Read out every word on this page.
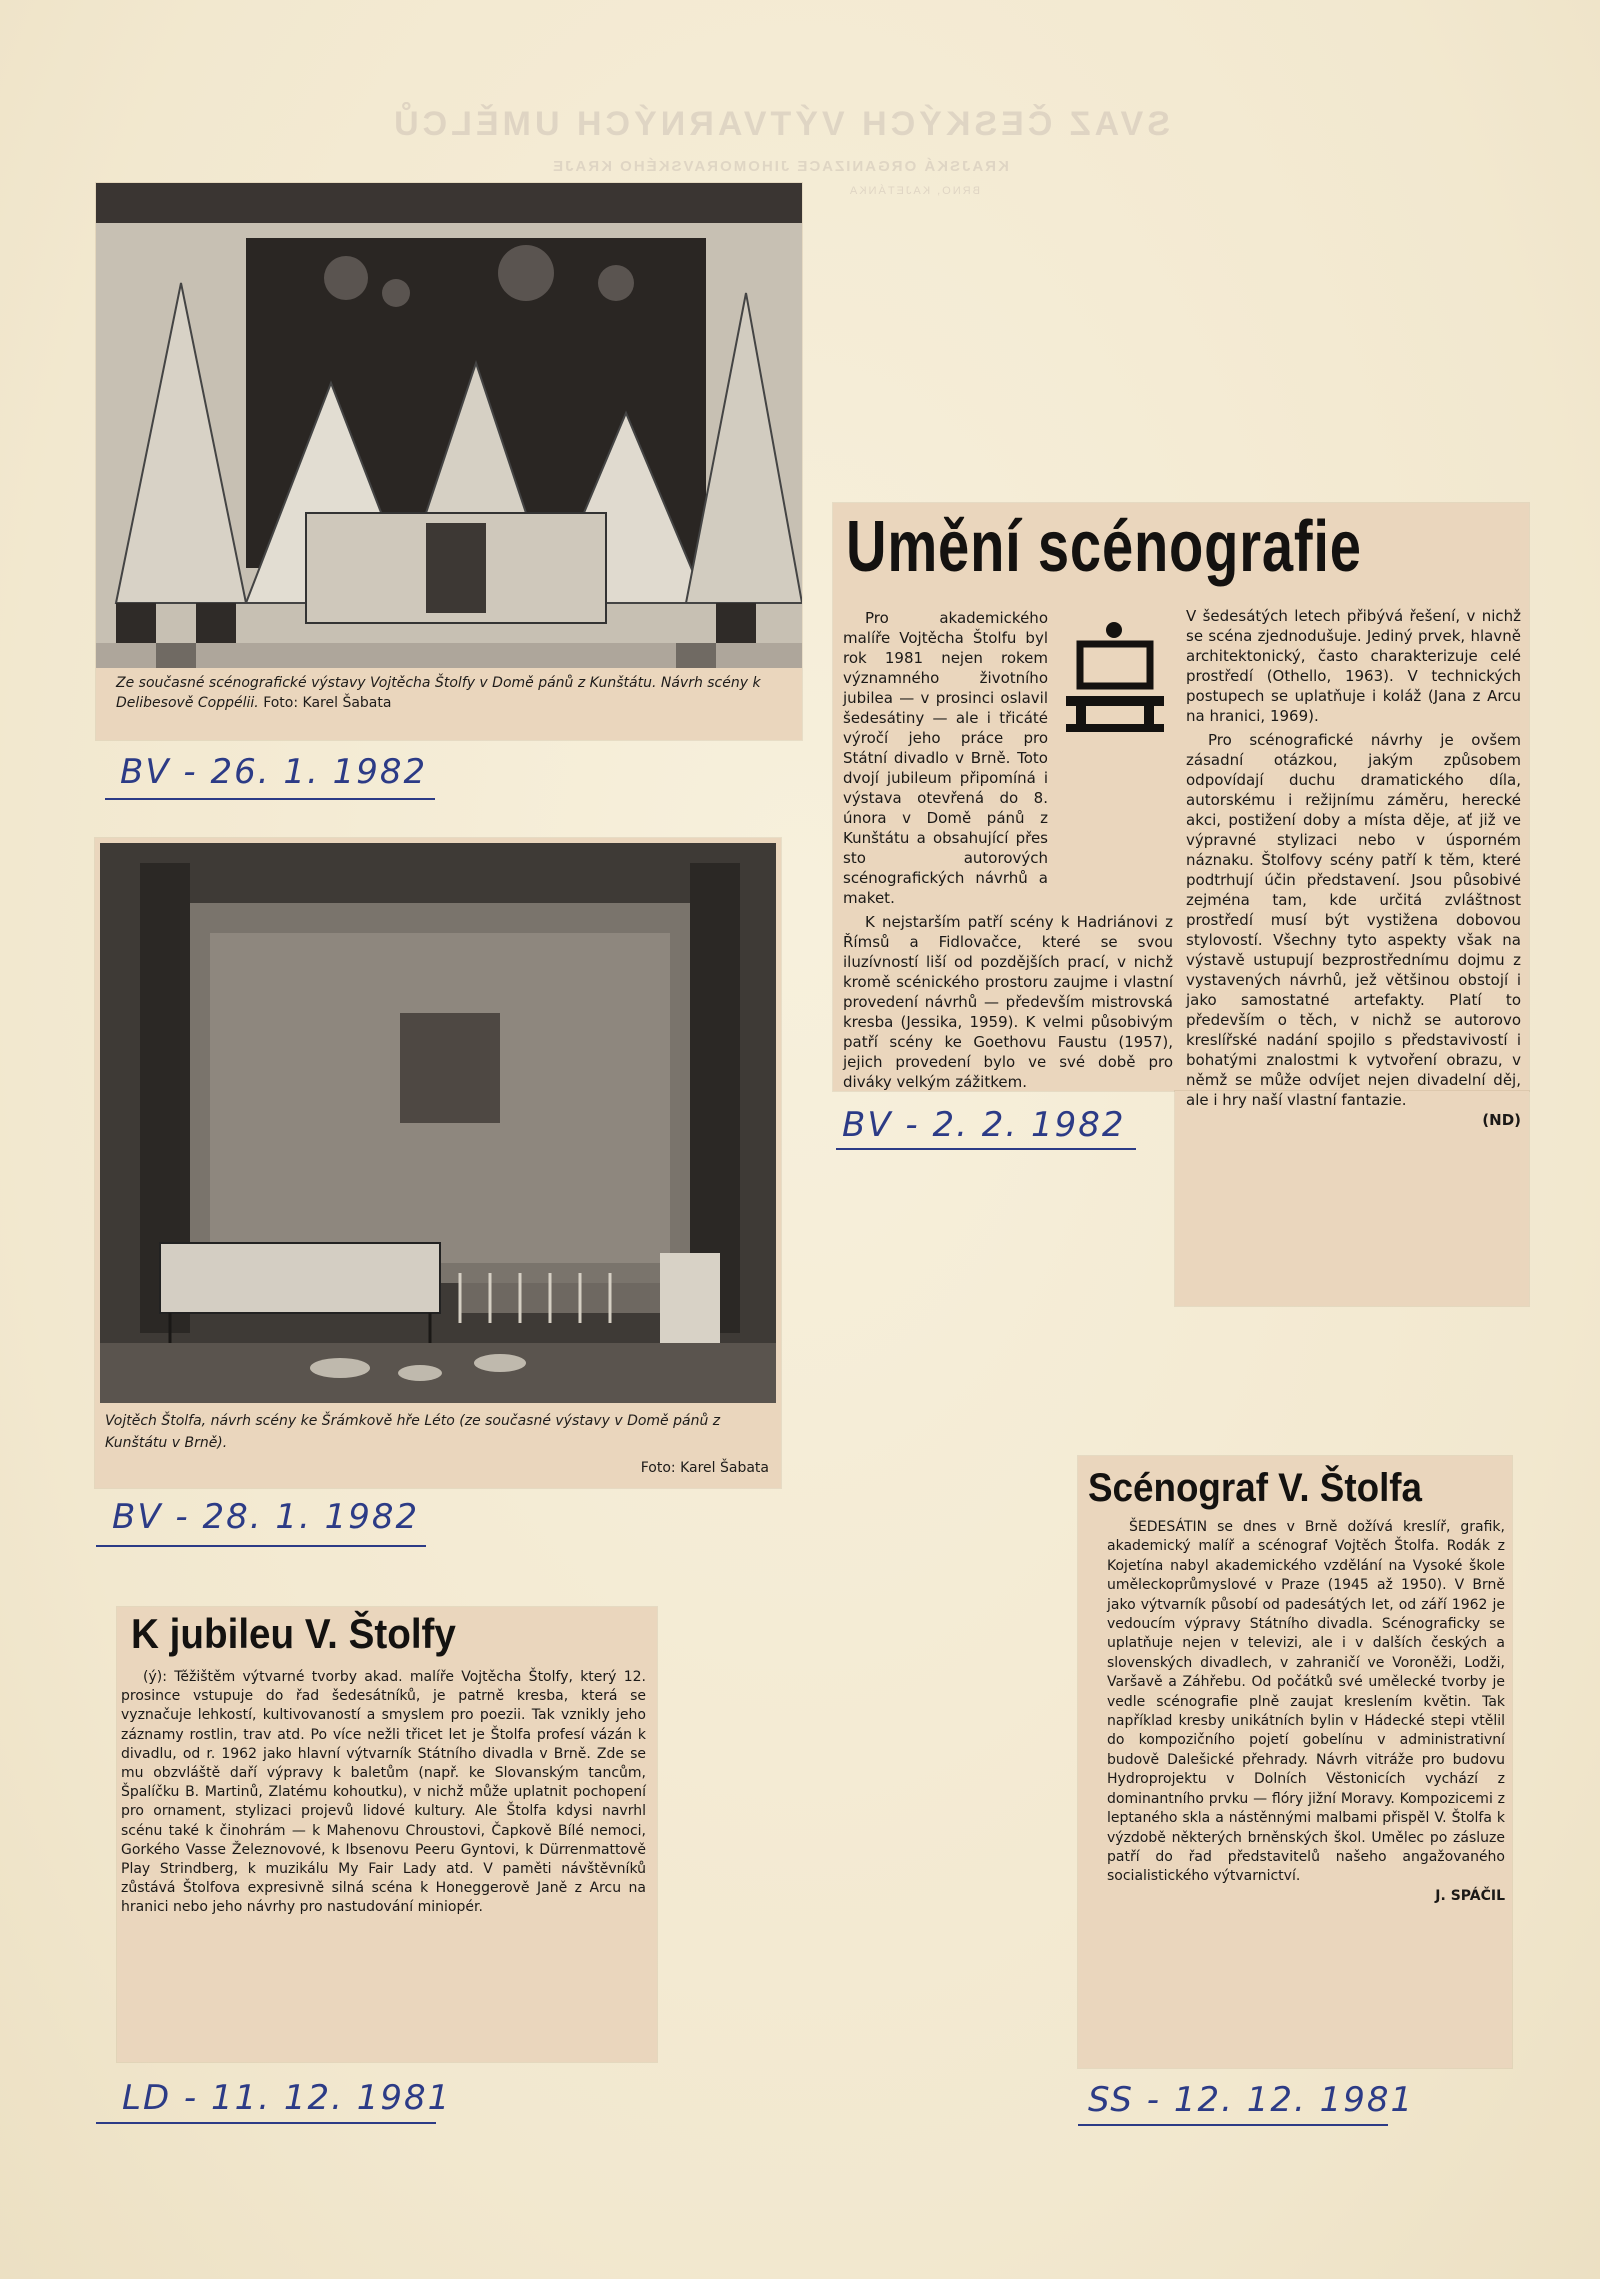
SVAZ ČESKÝCH VÝTVARNÝCH UMĚLCŮ
KRAJSKÁ ORGANIZACE JIHOMORAVSKÉHO KRAJE
BRNO, KAJETÁNKA
Ze současné scénografické výstavy Vojtěcha Štolfy v Domě pánů z Kunštátu. Návrh scény k Delibesově Coppélii. Foto: Karel Šabata
BV - 26. 1. 1982
Vojtěch Štolfa, návrh scény ke Šrámkově hře Léto (ze současné výstavy v Domě pánů z Kunštátu v Brně).
Foto: Karel Šabata
BV - 28. 1. 1982
Umění scénografie

Pro akademického malíře Vojtěcha Štolfu byl rok 1981 nejen rokem významného životního jubilea — v prosinci oslavil šedesátiny — ale i třicáté výročí jeho práce pro Státní divadlo v Brně. Toto dvojí jubileum připomíná i výstava otevřená do 8. února v Domě pánů z Kunštátu a obsahující přes sto autorových scénografických návrhů a maket.

K nejstarším patří scény k Hadriánovi z Římsů a Fidlovačce, které se svou iluzívností liší od pozdějších prací, v nichž kromě scénického prostoru zaujme i vlastní provedení návrhů — především mistrovská kresba (Jessika, 1959). K velmi působivým patří scény ke Goethovu Faustu (1957), jejich provedení bylo ve své době pro diváky velkým zážitkem.

V šedesátých letech přibývá řešení, v nichž se scéna zjednodušuje. Jediný prvek, hlavně architektonický, často charakterizuje celé prostředí (Othello, 1963). V technických postupech se uplatňuje i koláž (Jana z Arcu na hranici, 1969).

Pro scénografické návrhy je ovšem zásadní otázkou, jakým způsobem odpovídají duchu dramatického díla, autorskému i režijnímu záměru, herecké akci, postižení doby a místa děje, ať již ve výpravné stylizaci nebo v úsporném náznaku. Štolfovy scény patří k těm, které podtrhují účin představení. Jsou působivé zejména tam, kde určitá zvláštnost prostředí musí být vystižena dobovou stylovostí. Všechny tyto aspekty však na výstavě ustupují bezprostřednímu dojmu z vystavených návrhů, jež většinou obstojí i jako samostatné artefakty. Platí to především o těch, v nichž se autorovo kreslířské nadání spojilo s představivostí i bohatými znalostmi k vytvoření obrazu, v němž se může odvíjet nejen divadelní děj, ale i hry naší vlastní fantazie.

(ND)
BV - 2. 2. 1982
Scénograf V. Štolfa

ŠEDESÁTIN se dnes v Brně dožívá kreslíř, grafik, akademický malíř a scénograf Vojtěch Štolfa. Rodák z Kojetína nabyl akademického vzdělání na Vysoké škole uměleckoprůmyslové v Praze (1945 až 1950). V Brně jako výtvarník působí od padesátých let, od září 1962 je vedoucím výpravy Státního divadla. Scénograficky se uplatňuje nejen v televizi, ale i v dalších českých a slovenských divadlech, v zahraničí ve Voroněži, Lodži, Varšavě a Záhřebu. Od počátků své umělecké tvorby je vedle scénografie plně zaujat kreslením květin. Tak například kresby unikátních bylin v Hádecké stepi vtělil do kompozičního pojetí gobelínu v administrativní budově Dalešické přehrady. Návrh vitráže pro budovu Hydroprojektu v Dolních Věstonicích vychází z dominantního prvku — flóry jižní Moravy. Kompozicemi z leptaného skla a nástěnnými malbami přispěl V. Štolfa k výzdobě některých brněnských škol. Umělec po zásluze patří do řad představitelů našeho angažovaného socialistického výtvarnictví.

J. SPÁČIL
SS - 12. 12. 1981
K jubileu V. Štolfy

(ý): Těžištěm výtvarné tvorby akad. malíře Vojtěcha Štolfy, který 12. prosince vstupuje do řad šedesátníků, je patrně kresba, která se vyznačuje lehkostí, kultivovaností a smyslem pro poezii. Tak vznikly jeho záznamy rostlin, trav atd. Po více nežli třicet let je Štolfa profesí vázán k divadlu, od r. 1962 jako hlavní výtvarník Státního divadla v Brně. Zde se mu obzvláště daří výpravy k baletům (např. ke Slovanským tancům, Špalíčku B. Martinů, Zlatému kohoutku), v nichž může uplatnit pochopení pro ornament, stylizaci projevů lidové kultury. Ale Štolfa kdysi navrhl scénu také k činohrám — k Mahenovu Chroustovi, Čapkově Bílé nemoci, Gorkého Vasse Železnovové, k Ibsenovu Peeru Gyntovi, k Dürrenmattově Play Strindberg, k muzikálu My Fair Lady atd. V paměti návštěvníků zůstává Štolfova expresivně silná scéna k Honeggerově Janě z Arcu na hranici nebo jeho návrhy pro nastudování miniopér.

LD - 11. 12. 1981
